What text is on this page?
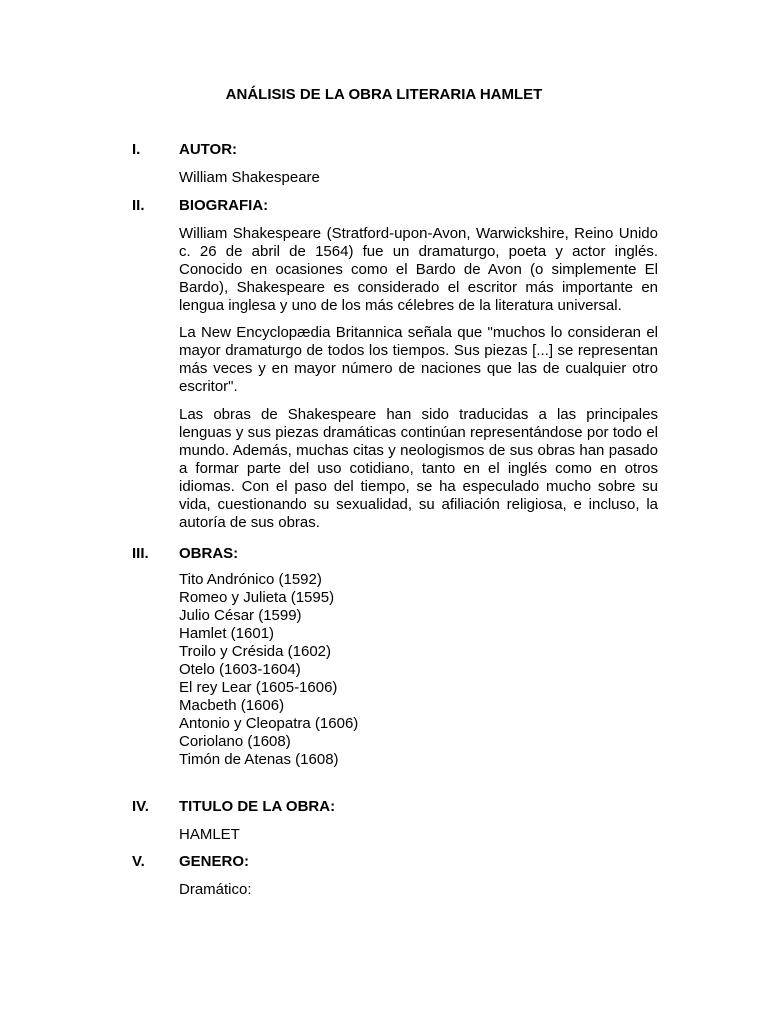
ANÁLISIS DE LA OBRA LITERARIA HAMLET
I.	AUTOR:

William Shakespeare

II. BIOGRAFIA:

William Shakespeare (Stratford-upon-Avon, Warwickshire, Reino Unido c. 26 de abril de 1564) fue un dramaturgo, poeta y actor inglés. Conocido en ocasiones como el Bardo de Avon (o simplemente El Bardo), Shakespeare es considerado el escritor más importante en lengua inglesa y uno de los más célebres de la literatura universal.

La New Encyclopædia Britannica señala que "muchos lo consideran el mayor dramaturgo de todos los tiempos. Sus piezas [...] se representan más veces y en mayor número de naciones que las de cualquier otro escritor".

Las obras de Shakespeare han sido traducidas a las principales lenguas y sus piezas dramáticas continúan representándose por todo el mundo. Además, muchas citas y neologismos de sus obras han pasado a formar parte del uso cotidiano, tanto en el inglés como en otros idiomas. Con el paso del tiempo, se ha especulado mucho sobre su vida, cuestionando su sexualidad, su afiliación religiosa, e incluso, la autoría de sus obras.

III. OBRAS:
Tito Andrónico (1592)
Romeo y Julieta (1595)
Julio César (1599)
Hamlet (1601)
Troilo y Crésida (1602)
Otelo (1603-1604)
El rey Lear (1605-1606)
Macbeth (1606)
Antonio y Cleopatra (1606)
Coriolano (1608)
Timón de Atenas (1608)
IV. TITULO DE LA OBRA:

HAMLET

V. GENERO:

Dramático:
